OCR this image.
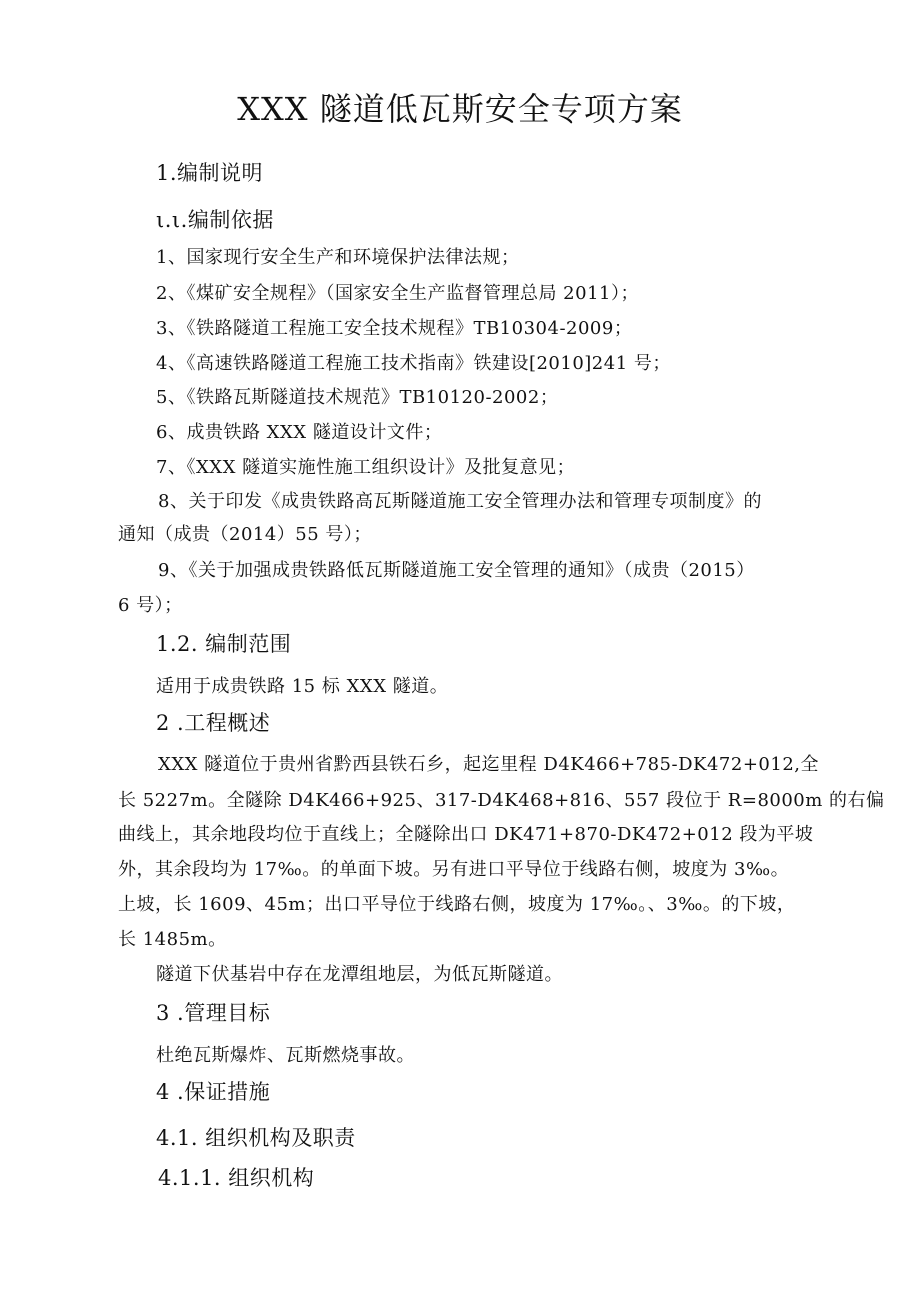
XXX 隧道低瓦斯安全专项方案
1.编制说明
ι.ι.编制依据
1、国家现行安全生产和环境保护法律法规；
2、《煤矿安全规程》（国家安全生产监督管理总局 2011）；
3、《铁路隧道工程施工安全技术规程》TB10304-2009；
4、《高速铁路隧道工程施工技术指南》铁建设[2010]241 号；
5、《铁路瓦斯隧道技术规范》TB10120-2002；
6、成贵铁路 XXX 隧道设计文件；
7、《XXX 隧道实施性施工组织设计》及批复意见；
8、关于印发《成贵铁路高瓦斯隧道施工安全管理办法和管理专项制度》的
通知（成贵（2014）55 号）；
9、《关于加强成贵铁路低瓦斯隧道施工安全管理的通知》（成贵（2015）
6 号）；
1.2. 编制范围
适用于成贵铁路 15 标 XXX 隧道。
2 .工程概述
XXX 隧道位于贵州省黔西县铁石乡，起迄里程 D4K466+785-DK472+012,全
长 5227m。全隧除 D4K466+925、317-D4K468+816、557 段位于 R=8000m 的右偏
曲线上，其余地段均位于直线上；全隧除出口 DK471+870-DK472+012 段为平坡
外，其余段均为 17‰。的单面下坡。另有进口平导位于线路右侧，坡度为 3‰。
上坡，长 1609、45m；出口平导位于线路右侧，坡度为 17‰。、3‰。的下坡，
长 1485m。
隧道下伏基岩中存在龙潭组地层，为低瓦斯隧道。
3 .管理目标
杜绝瓦斯爆炸、瓦斯燃烧事故。
4 .保证措施
4.1. 组织机构及职责
4.1.1. 组织机构
